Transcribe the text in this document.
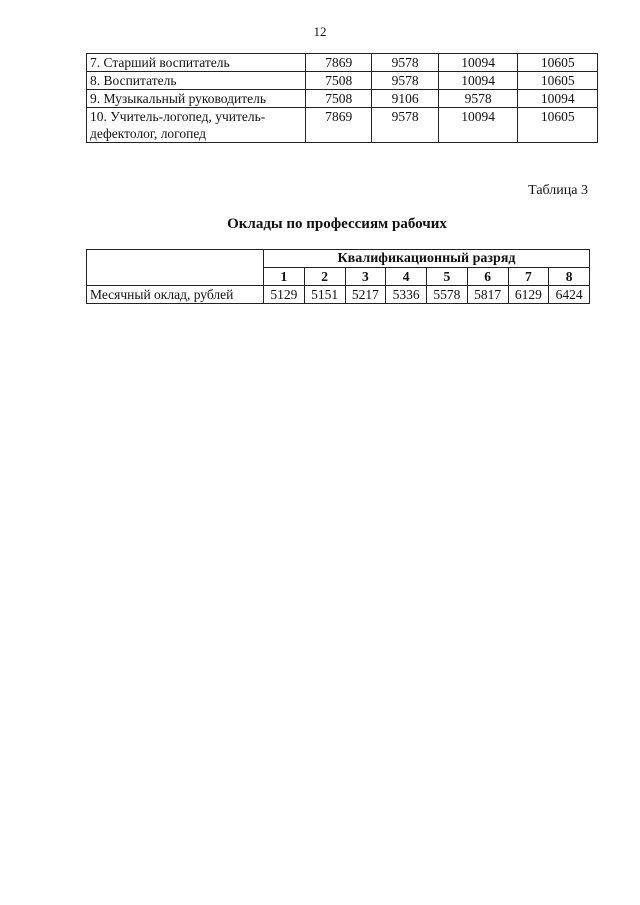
12
7. Старший воспитатель	7869	9578	10094	10605
8. Воспитатель	7508	9578	10094	10605
9. Музыкальный руководитель	7508	9106	9578	10094
10. Учитель-логопед, учитель-дефектолог, логопед	7869	9578	10094	10605
Таблица 3
Оклады по профессиям рабочих
	Квалификационный разряд							
	1	2	3	4	5	6	7	8
Месячный оклад, рублей	5129	5151	5217	5336	5578	5817	6129	6424
